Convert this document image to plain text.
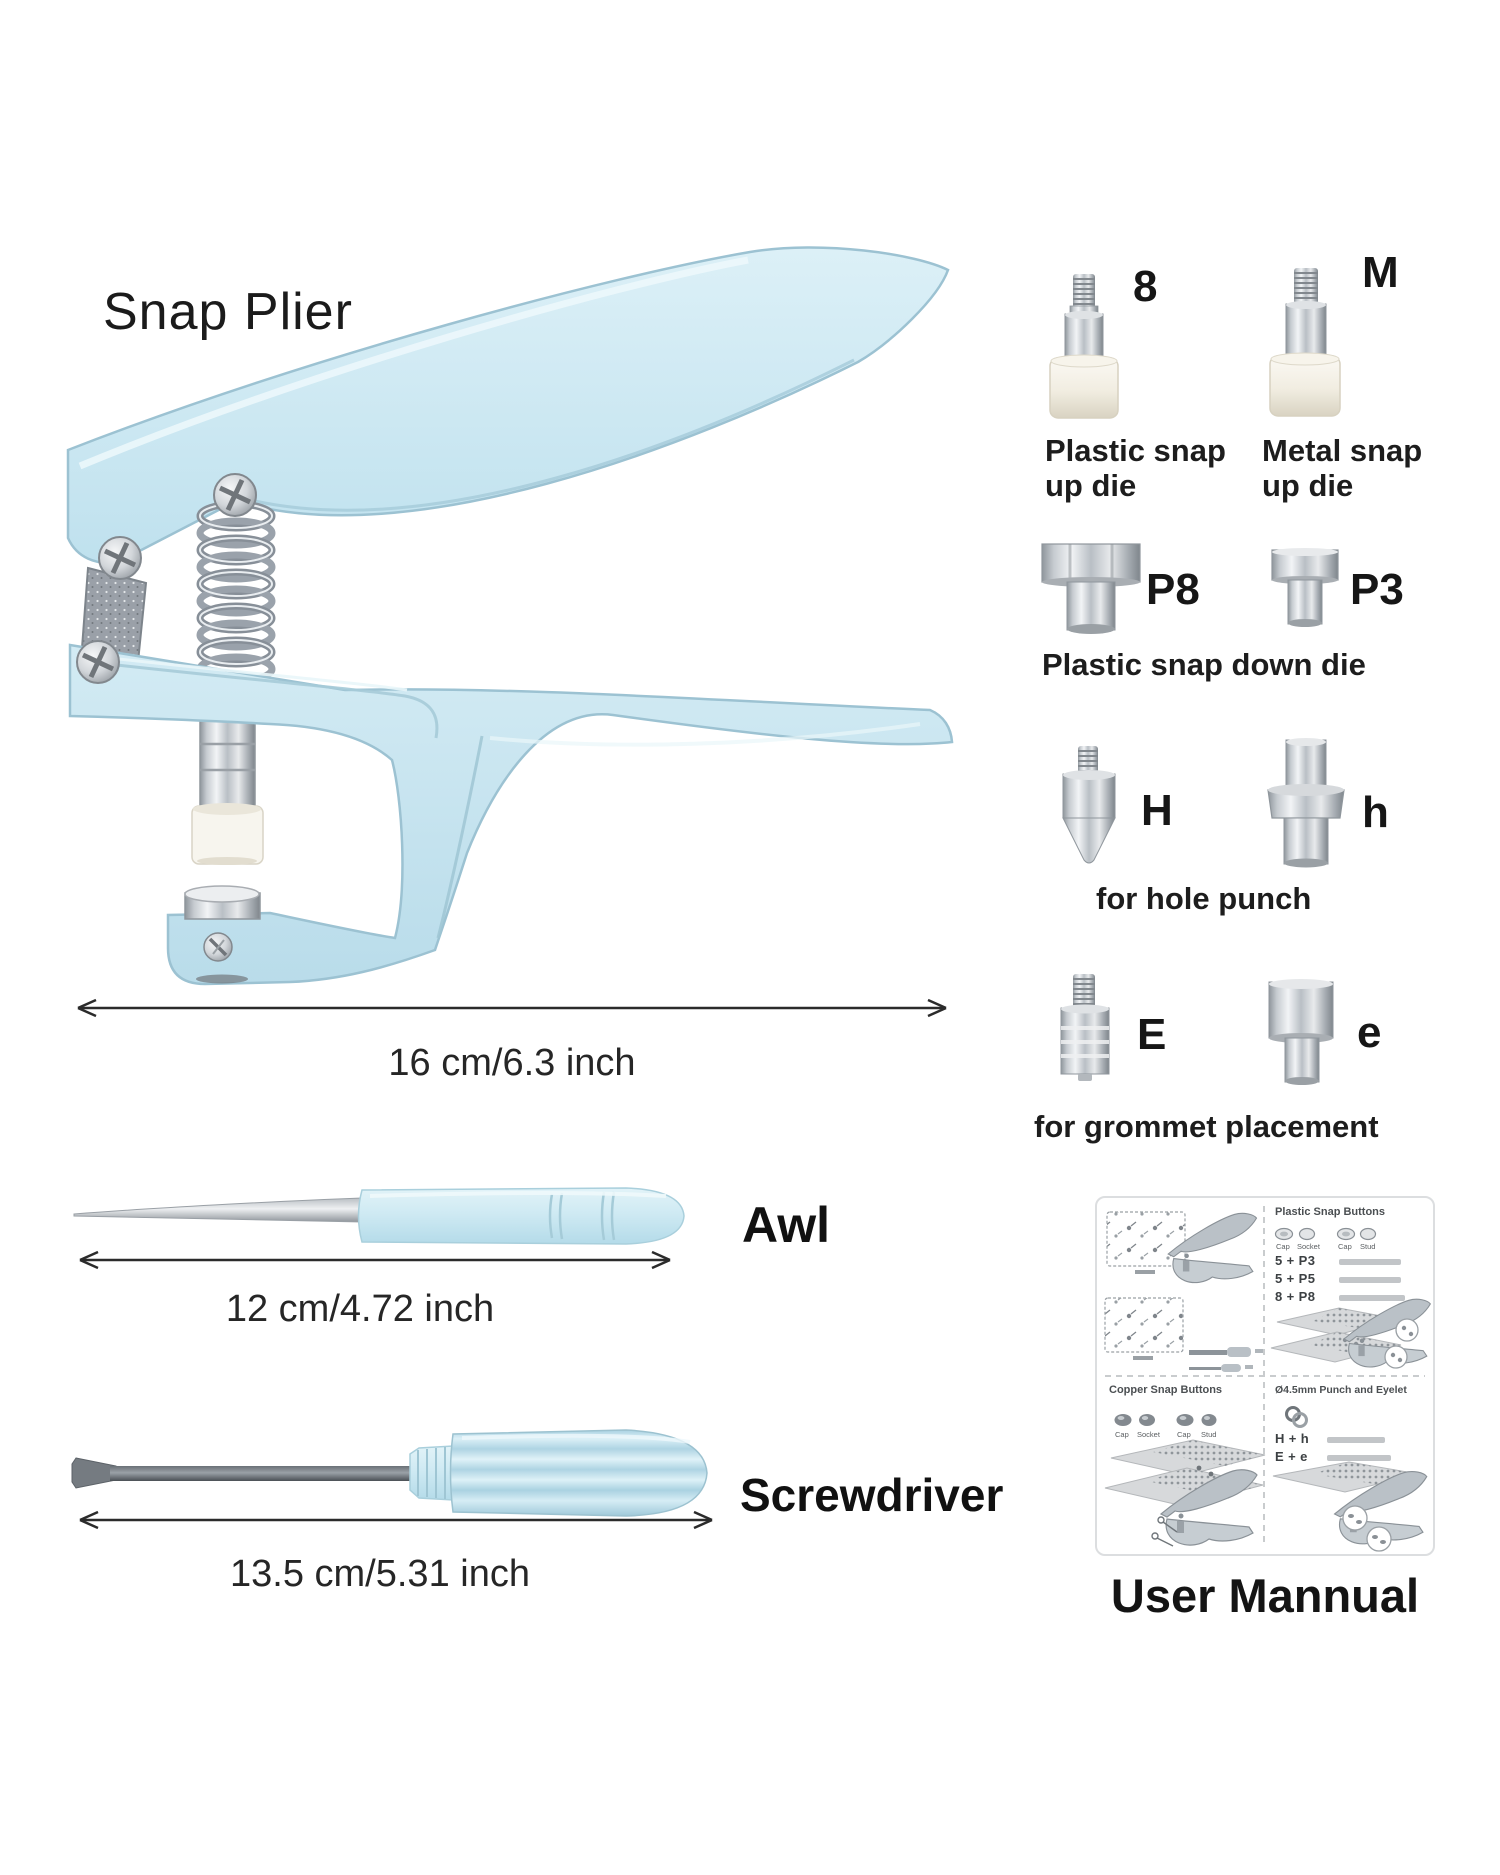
Snap Plier
16 cm/6.3 inch
Awl
12 cm/4.72 inch
Screwdriver
13.5 cm/5.31 inch
8	M
Plastic snap
up die
Metal snap
up die
P8	P3
Plastic snap down die
H	h
for hole punch
E	e
for grommet placement
Plastic Snap Buttons
Cap Socket Cap Stud
5 + P3
5 + P5
8 + P8
Copper Snap Buttons
Cap Socket Cap Stud
Ø4.5mm Punch and Eyelet
H + h
E + e
User Mannual
